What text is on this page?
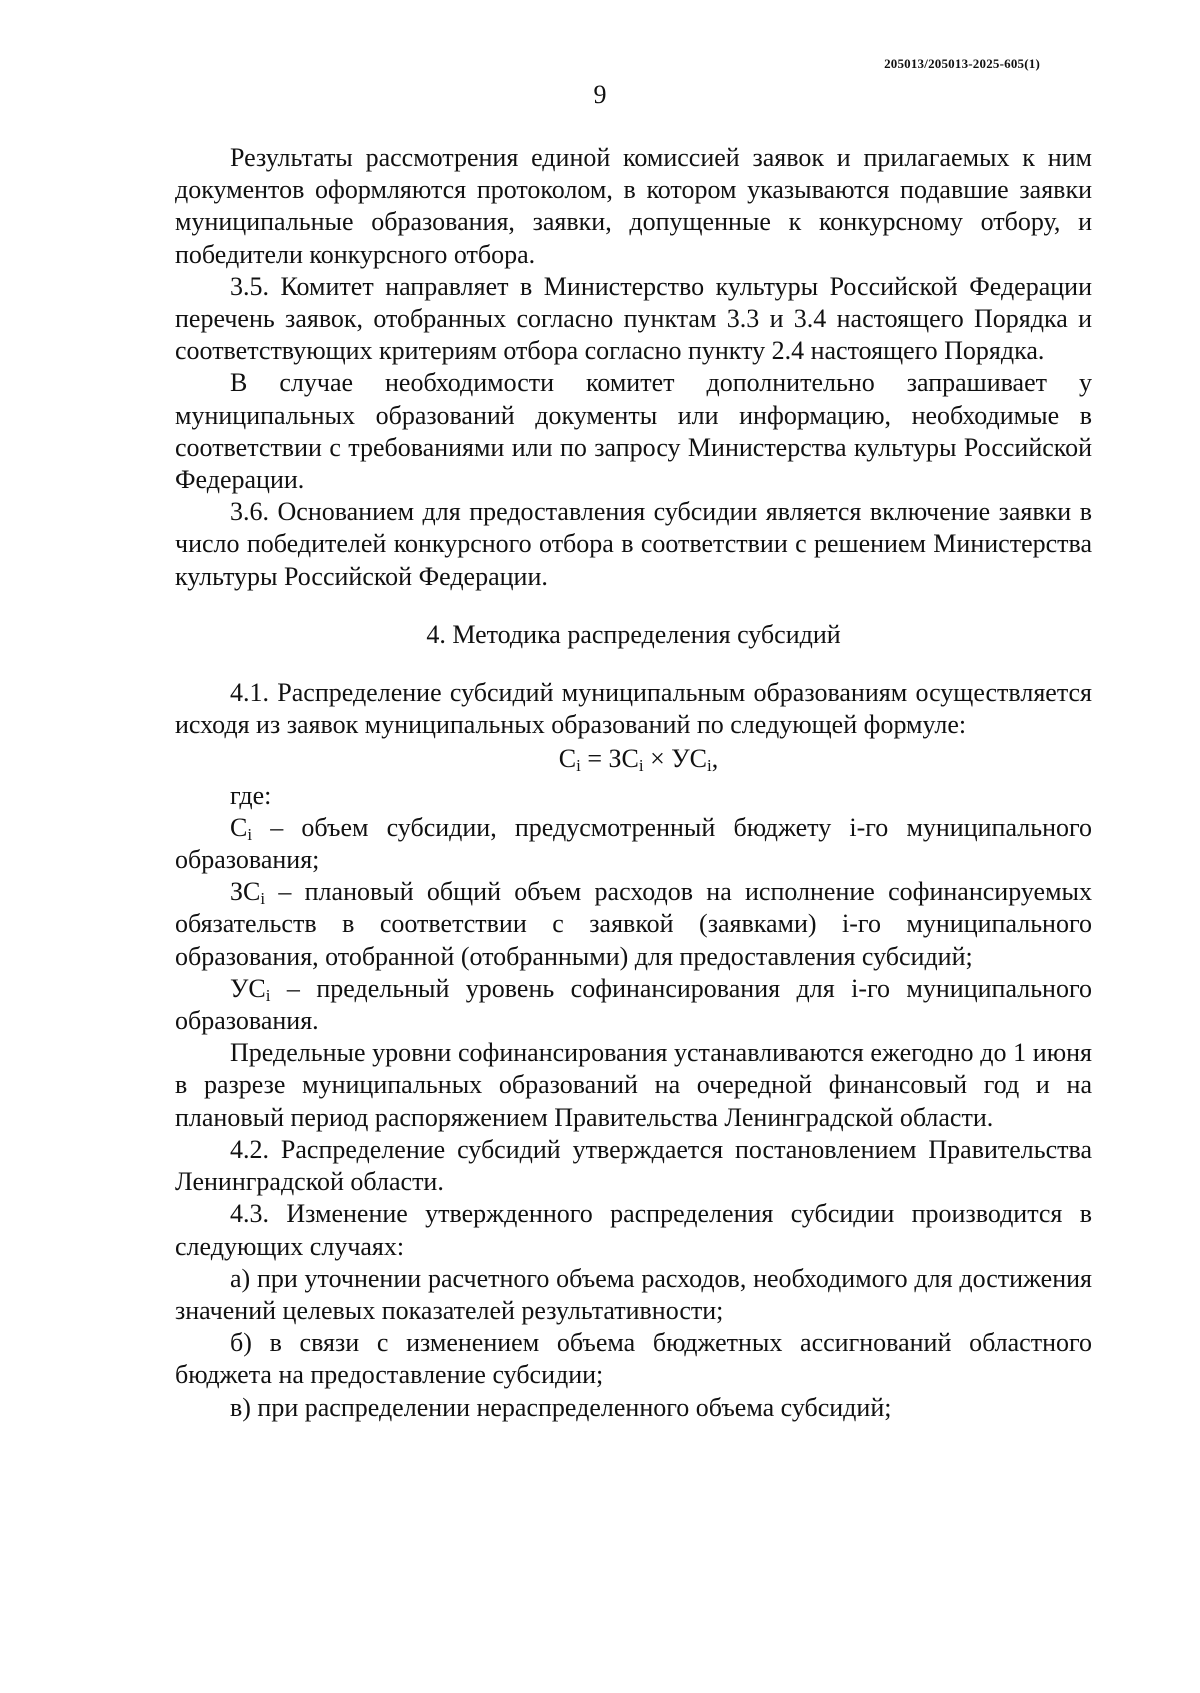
205013/205013-2025-605(1)
9

Результаты рассмотрения единой комиссией заявок и прилагаемых к ним документов оформляются протоколом, в котором указываются подавшие заявки муниципальные образования, заявки, допущенные к конкурсному отбору, и победители конкурсного отбора.

3.5. Комитет направляет в Министерство культуры Российской Федерации перечень заявок, отобранных согласно пунктам 3.3 и 3.4 настоящего Порядка и соответствующих критериям отбора согласно пункту 2.4 настоящего Порядка.

В случае необходимости комитет дополнительно запрашивает у муниципальных образований документы или информацию, необходимые в соответствии с требованиями или по запросу Министерства культуры Российской Федерации.

3.6. Основанием для предоставления субсидии является включение заявки в число победителей конкурсного отбора в соответствии с решением Министерства культуры Российской Федерации.

4. Методика распределения субсидий

4.1. Распределение субсидий муниципальным образованиям осуществляется исходя из заявок муниципальных образований по следующей формуле:

$С_i = ЗС_i \times УС_i$,

где:

$С_i$ – объем субсидии, предусмотренный бюджету i-го муниципального образования;

$ЗС_i$ – плановый общий объем расходов на исполнение софинансируемых обязательств в соответствии с заявкой (заявками) i-го муниципального образования, отобранной (отобранными) для предоставления субсидий;

$УС_i$ – предельный уровень софинансирования для i-го муниципального образования.

Предельные уровни софинансирования устанавливаются ежегодно до 1 июня в разрезе муниципальных образований на очередной финансовый год и на плановый период распоряжением Правительства Ленинградской области.

4.2. Распределение субсидий утверждается постановлением Правительства Ленинградской области.

4.3. Изменение утвержденного распределения субсидии производится в следующих случаях:

а) при уточнении расчетного объема расходов, необходимого для достижения значений целевых показателей результативности;

б) в связи с изменением объема бюджетных ассигнований областного бюджета на предоставление субсидии;

в) при распределении нераспределенного объема субсидий;
